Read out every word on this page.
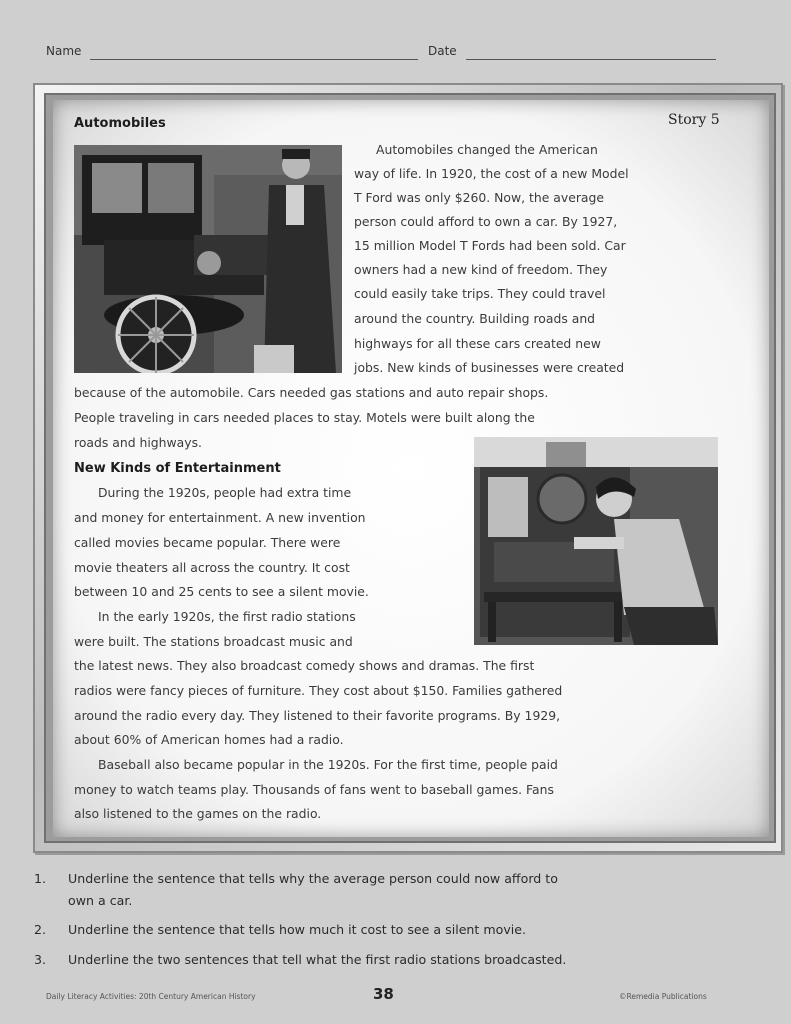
Name	Date
Automobiles	Story 5
Automobiles changed the American
way of life. In 1920, the cost of a new Model
T Ford was only $260. Now, the average
person could afford to own a car. By 1927,
15 million Model T Fords had been sold. Car
owners had a new kind of freedom. They
could easily take trips. They could travel
around the country. Building roads and
highways for all these cars created new
jobs. New kinds of businesses were created
because of the automobile. Cars needed gas stations and auto repair shops.
People traveling in cars needed places to stay. Motels were built along the
roads and highways.
New Kinds of Entertainment
During the 1920s, people had extra time
and money for entertainment. A new invention
called movies became popular. There were
movie theaters all across the country. It cost
between 10 and 25 cents to see a silent movie.
In the early 1920s, the first radio stations
were built. The stations broadcast music and
the latest news. They also broadcast comedy shows and dramas. The first
radios were fancy pieces of furniture. They cost about $150. Families gathered
around the radio every day. They listened to their favorite programs. By 1929,
about 60% of American homes had a radio.
Baseball also became popular in the 1920s. For the first time, people paid
money to watch teams play. Thousands of fans went to baseball games. Fans
also listened to the games on the radio.
1. Underline the sentence that tells why the average person could now afford to
own a car.
2. Underline the sentence that tells how much it cost to see a silent movie.
3. Underline the two sentences that tell what the first radio stations broadcasted.
Daily Literacy Activities: 20th Century American History	38	©Remedia Publications
